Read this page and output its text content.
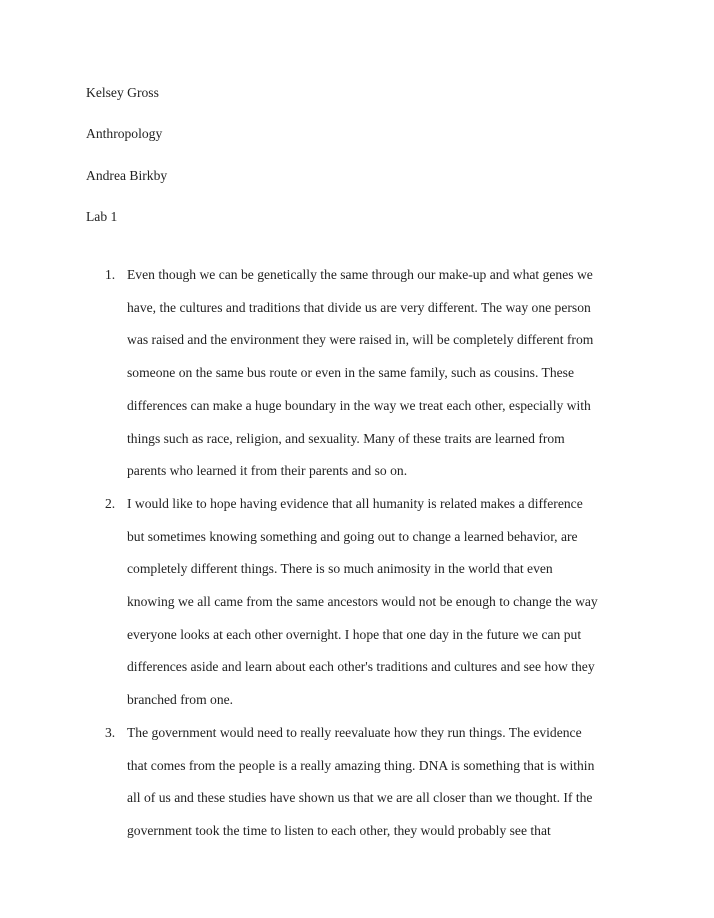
Kelsey Gross

Anthropology

Andrea Birkby

Lab 1

1. Even though we can be genetically the same through our make-up and what genes we
have, the cultures and traditions that divide us are very different. The way one person
was raised and the environment they were raised in, will be completely different from
someone on the same bus route or even in the same family, such as cousins. These
differences can make a huge boundary in the way we treat each other, especially with
things such as race, religion, and sexuality. Many of these traits are learned from
parents who learned it from their parents and so on.
2. I would like to hope having evidence that all humanity is related makes a difference
but sometimes knowing something and going out to change a learned behavior, are
completely different things. There is so much animosity in the world that even
knowing we all came from the same ancestors would not be enough to change the way
everyone looks at each other overnight. I hope that one day in the future we can put
differences aside and learn about each other's traditions and cultures and see how they
branched from one.
3. The government would need to really reevaluate how they run things. The evidence
that comes from the people is a really amazing thing. DNA is something that is within
all of us and these studies have shown us that we are all closer than we thought. If the
government took the time to listen to each other, they would probably see that
